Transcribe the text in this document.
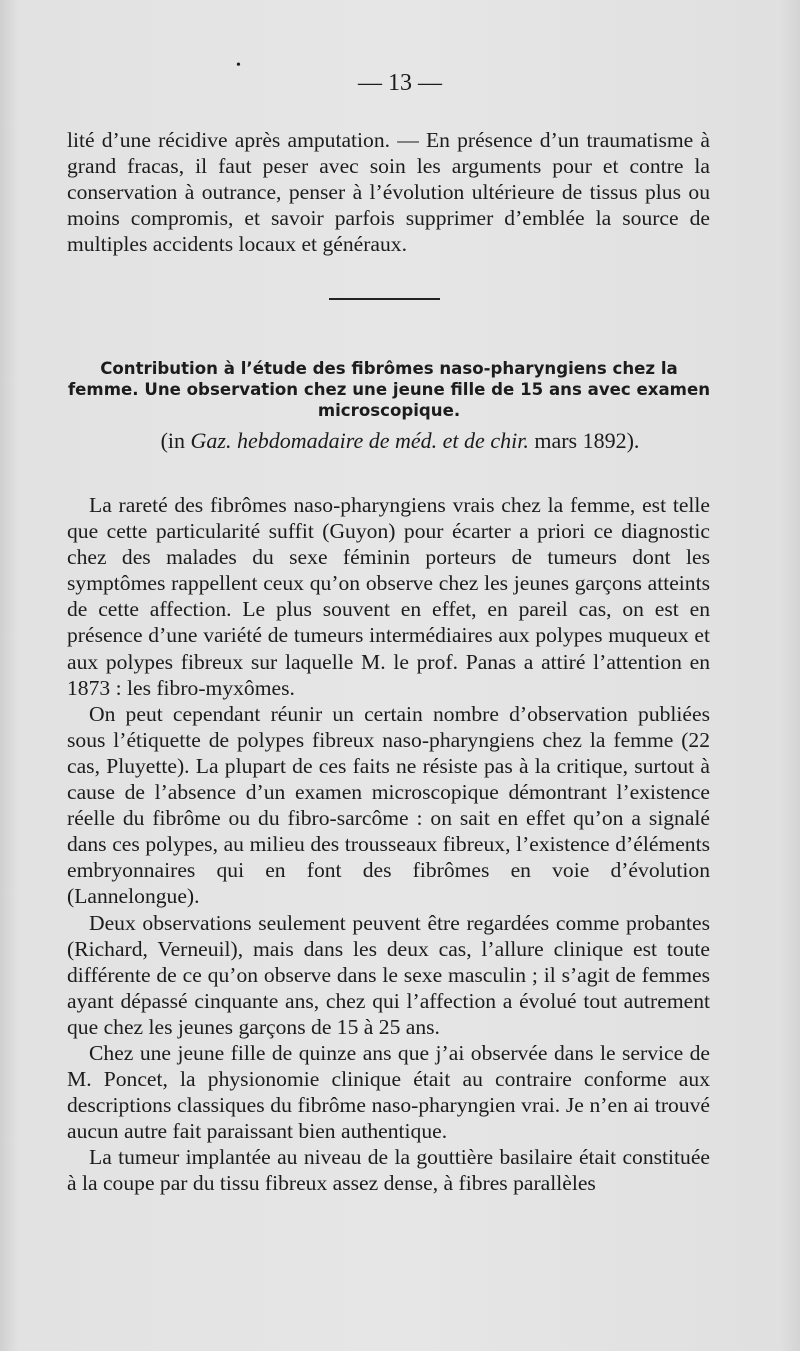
•
— 13 —

lité d’une récidive après amputation. — En présence d’un traumatisme à grand fracas, il faut peser avec soin les arguments pour et contre la conservation à outrance, penser à l’évolution ultérieure de tissus plus ou moins compromis, et savoir parfois supprimer d’emblée la source de multiples accidents locaux et généraux.

Contribution à l’étude des fibrômes naso-pharyngiens chez la femme. Une observation chez une jeune fille de 15 ans avec examen microscopique.

(in Gaz. hebdomadaire de méd. et de chir. mars 1892).

La rareté des fibrômes naso-pharyngiens vrais chez la femme, est telle que cette particularité suffit (Guyon) pour écarter a priori ce diagnostic chez des malades du sexe féminin porteurs de tumeurs dont les symptômes rappellent ceux qu’on observe chez les jeunes garçons atteints de cette affection. Le plus souvent en effet, en pareil cas, on est en présence d’une variété de tumeurs intermédiaires aux polypes muqueux et aux polypes fibreux sur laquelle M. le prof. Panas a attiré l’attention en 1873 : les fibro-myxômes.

On peut cependant réunir un certain nombre d’observation publiées sous l’étiquette de polypes fibreux naso-pharyngiens chez la femme (22 cas, Pluyette). La plupart de ces faits ne résiste pas à la critique, surtout à cause de l’absence d’un examen microscopique démontrant l’existence réelle du fibrôme ou du fibro-sarcôme : on sait en effet qu’on a signalé dans ces polypes, au milieu des trousseaux fibreux, l’existence d’éléments embryonnaires qui en font des fibrômes en voie d’évolution (Lannelongue).

Deux observations seulement peuvent être regardées comme probantes (Richard, Verneuil), mais dans les deux cas, l’allure clinique est toute différente de ce qu’on observe dans le sexe masculin ; il s’agit de femmes ayant dépassé cinquante ans, chez qui l’affection a évolué tout autrement que chez les jeunes garçons de 15 à 25 ans.

Chez une jeune fille de quinze ans que j’ai observée dans le service de M. Poncet, la physionomie clinique était au contraire conforme aux descriptions classiques du fibrôme naso-pharyngien vrai. Je n’en ai trouvé aucun autre fait paraissant bien authentique.

La tumeur implantée au niveau de la gouttière basilaire était constituée à la coupe par du tissu fibreux assez dense, à fibres parallèles
